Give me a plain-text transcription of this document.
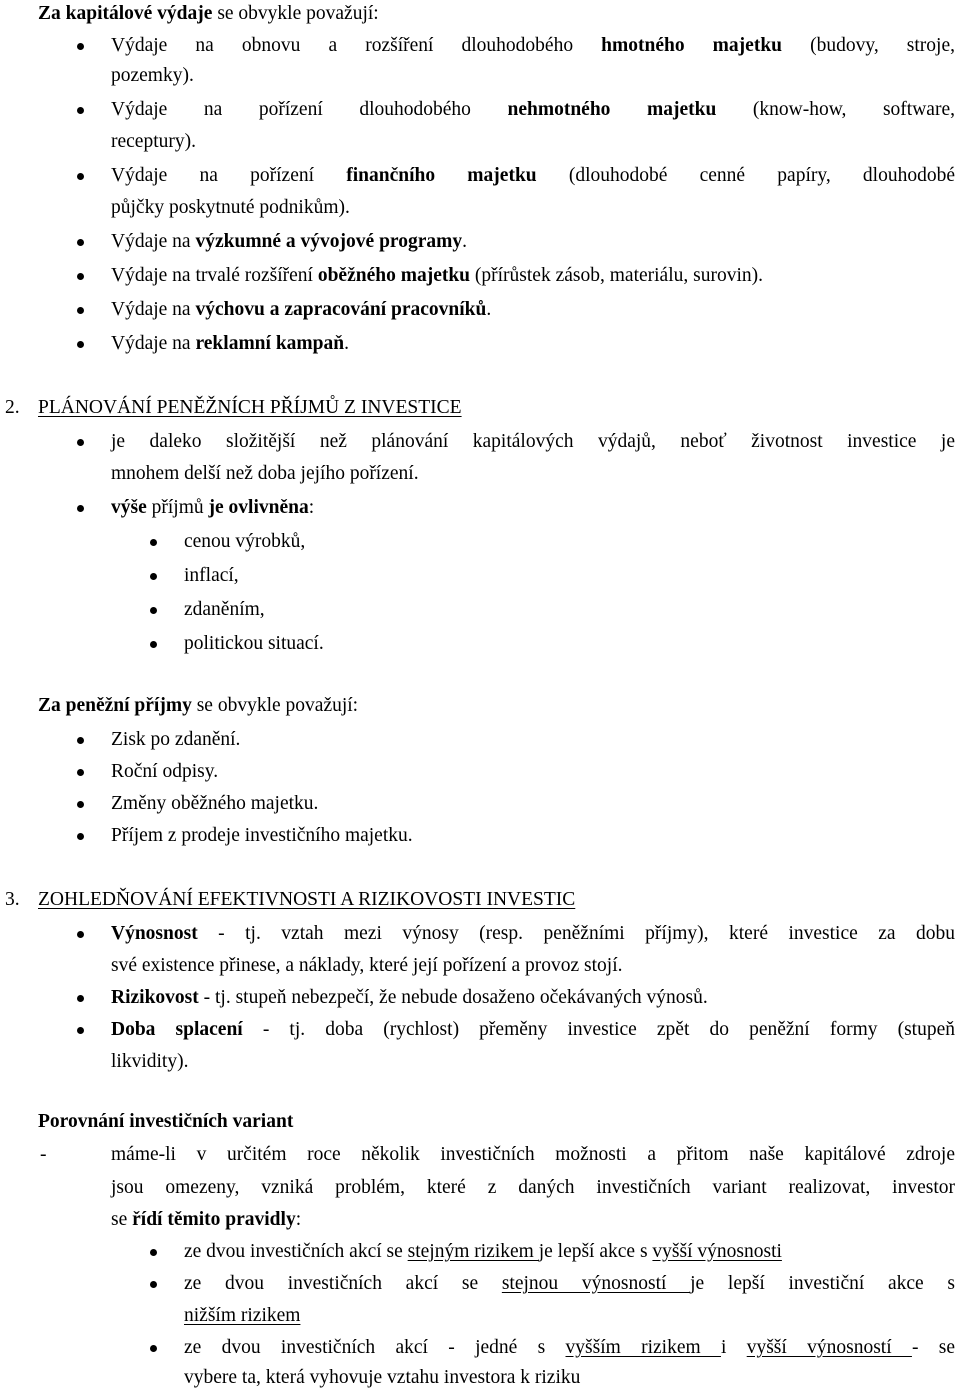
Za kapitálové výdaje se obvykle považují:
Výdaje na obnovu a rozšíření dlouhodobého hmotného majetku (budovy, stroje,
pozemky).
Výdaje na pořízení dlouhodobého nehmotného majetku (know-how, software,
receptury).
Výdaje na pořízení finančního majetku (dlouhodobé cenné papíry, dlouhodobé
půjčky poskytnuté podnikům).
Výdaje na výzkumné a vývojové programy.
Výdaje na trvalé rozšíření oběžného majetku (přírůstek zásob, materiálu, surovin).
Výdaje na výchovu a zapracování pracovníků.
Výdaje na reklamní kampaň.
2. PLÁNOVÁNÍ PENĚŽNÍCH PŘÍJMŮ Z INVESTICE
je daleko složitější než plánování kapitálových výdajů, neboť životnost investice je
mnohem delší než doba jejího pořízení.
výše příjmů je ovlivněna:
cenou výrobků,
inflací,
zdaněním,
politickou situací.
Za peněžní příjmy se obvykle považují:
Zisk po zdanění.
Roční odpisy.
Změny oběžného majetku.
Příjem z prodeje investičního majetku.
3. ZOHLEDŇOVÁNÍ EFEKTIVNOSTI A RIZIKOVOSTI INVESTIC
Výnosnost - tj. vztah mezi výnosy (resp. peněžními příjmy), které investice za dobu
své existence přinese, a náklady, které její pořízení a provoz stojí.
Rizikovost - tj. stupeň nebezpečí, že nebude dosaženo očekávaných výnosů.
Doba splacení - tj. doba (rychlost) přeměny investice zpět do peněžní formy (stupeň
likvidity).
Porovnání investičních variant
-	máme-li v určitém roce několik investičních možnosti a přitom naše kapitálové zdroje
jsou omezeny, vzniká problém, které z daných investičních variant realizovat, investor
se řídí těmito pravidly:
ze dvou investičních akcí se stejným rizikem je lepší akce s vyšší výnosnosti
ze dvou investičních akcí se stejnou výnosností je lepší investiční akce s
nižším rizikem
ze dvou investičních akcí - jedné s vyšším rizikem i vyšší výnosností - se
vybere ta, která vyhovuje vztahu investora k riziku
